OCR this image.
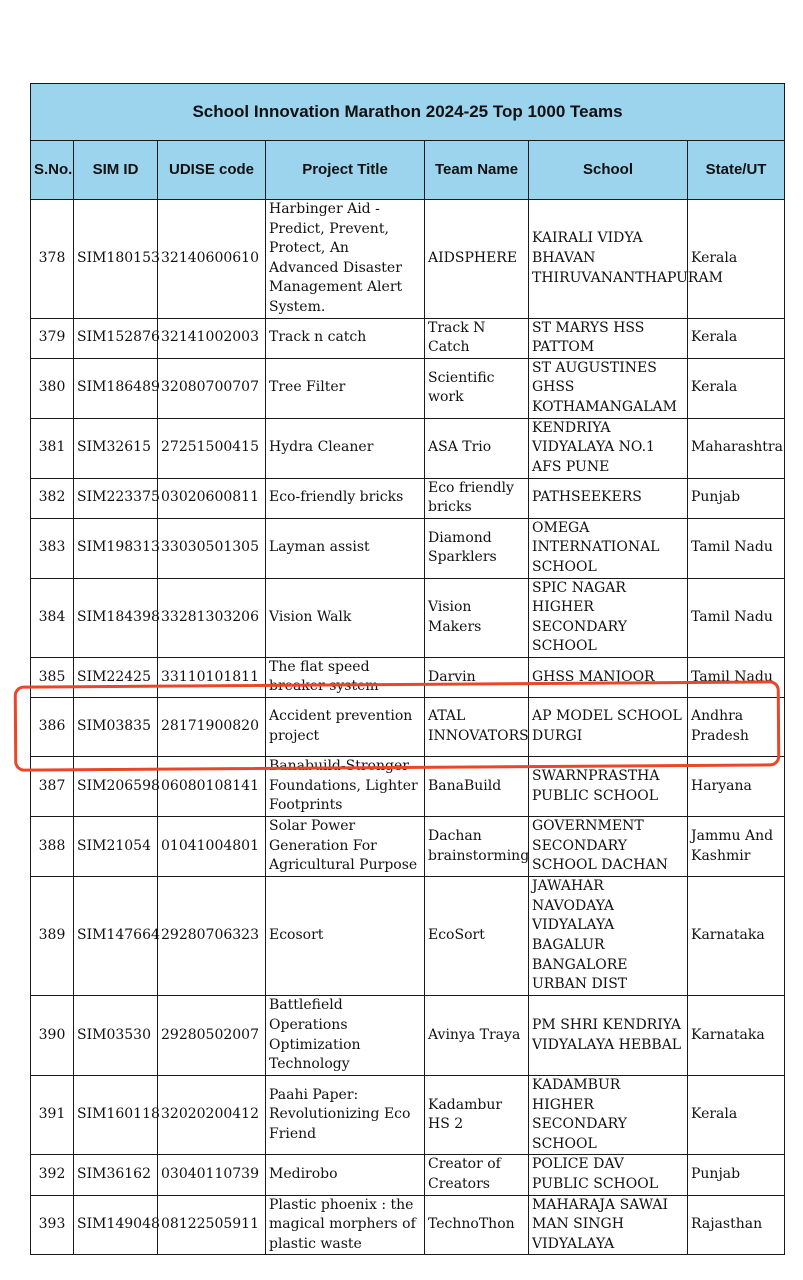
School Innovation Marathon 2024-25 Top 1000 Teams						
S.No.	SIM ID	UDISE code	Project Title	Team Name	School	State/UT
378	SIM180153	32140600610	Harbinger Aid - Predict, Prevent, Protect, An Advanced Disaster Management Alert System.	AIDSPHERE	KAIRALI VIDYA BHAVAN THIRUVANANTHAPURAM	Kerala
379	SIM152876	32141002003	Track n catch	Track N Catch	ST MARYS HSS PATTOM	Kerala
380	SIM186489	32080700707	Tree Filter	Scientific work	ST AUGUSTINES GHSS KOTHAMANGALAM	Kerala
381	SIM32615	27251500415	Hydra Cleaner	ASA Trio	KENDRIYA VIDYALAYA NO.1 AFS PUNE	Maharashtra
382	SIM223375	03020600811	Eco-friendly bricks	Eco friendly bricks	PATHSEEKERS	Punjab
383	SIM198313	33030501305	Layman assist	Diamond Sparklers	OMEGA INTERNATIONAL SCHOOL	Tamil Nadu
384	SIM184398	33281303206	Vision Walk	Vision Makers	SPIC NAGAR HIGHER SECONDARY SCHOOL	Tamil Nadu
385	SIM22425	33110101811	The flat speed breaker system	Darvin	GHSS MANJOOR	Tamil Nadu
386	SIM03835	28171900820	Accident prevention project	ATAL INNOVATORS	AP MODEL SCHOOL DURGI	Andhra Pradesh
387	SIM206598	06080108141	Banabuild-Stronger Foundations, Lighter Footprints	BanaBuild	SWARNPRASTHA PUBLIC SCHOOL	Haryana
388	SIM21054	01041004801	Solar Power Generation For Agricultural Purpose	Dachan brainstorming	GOVERNMENT SECONDARY SCHOOL DACHAN	Jammu And Kashmir
389	SIM147664	29280706323	Ecosort	EcoSort	JAWAHAR NAVODAYA VIDYALAYA BAGALUR BANGALORE URBAN DIST	Karnataka
390	SIM03530	29280502007	Battlefield Operations Optimization Technology	Avinya Traya	PM SHRI KENDRIYA VIDYALAYA HEBBAL	Karnataka
391	SIM160118	32020200412	Paahi Paper: Revolutionizing Eco Friend	Kadambur HS 2	KADAMBUR HIGHER SECONDARY SCHOOL	Kerala
392	SIM36162	03040110739	Medirobo	Creator of Creators	POLICE DAV PUBLIC SCHOOL	Punjab
393	SIM149048	08122505911	Plastic phoenix : the magical morphers of plastic waste	TechnoThon	MAHARAJA SAWAI MAN SINGH VIDYALAYA	Rajasthan
